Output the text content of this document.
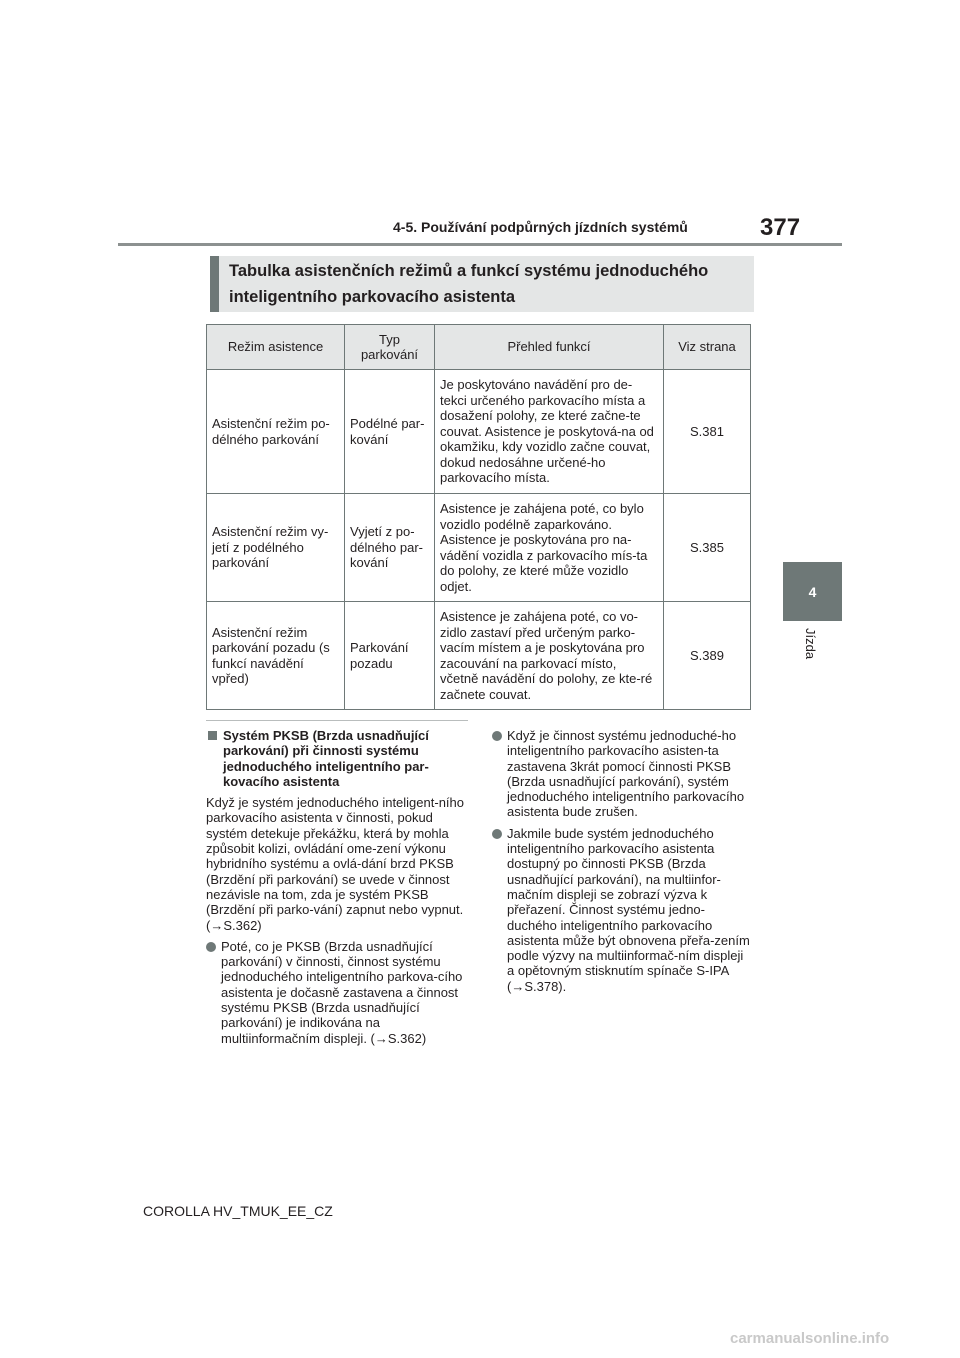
4-5. Používání podpůrných jízdních systémů	377
4
Jízda
Tabulka asistenčních režimů a funkcí systému jednoduchého inteligentního parkovacího asistenta
Režim asistence	Typ parkování	Přehled funkcí	Viz strana
Asistenční režim po-délného parkování	Podélné par-kování	Je poskytováno navádění pro de-tekci určeného parkovacího místa a dosažení polohy, ze které začne-te couvat. Asistence je poskytová-na od okamžiku, kdy vozidlo začne couvat, dokud nedosáhne určené-ho parkovacího místa.	S.381
Asistenční režim vy-jetí z podélného parkování	Vyjetí z po-délného par-kování	Asistence je zahájena poté, co bylo vozidlo podélně zaparkováno. Asistence je poskytována pro na-vádění vozidla z parkovacího mís-ta do polohy, ze které může vozidlo odjet.	S.385
Asistenční režim parkování pozadu (s funkcí navádění vpřed)	Parkování pozadu	Asistence je zahájena poté, co vo-zidlo zastaví před určeným parko-vacím místem a je poskytována pro zacouvání na parkovací místo, včetně navádění do polohy, ze kte-ré začnete couvat.	S.389
Systém PKSB (Brzda usnadňující parkování) při činnosti systému jednoduchého inteligentního par-kovacího asistenta

Když je systém jednoduchého inteligent-ního parkovacího asistenta v činnosti, pokud systém detekuje překážku, která by mohla způsobit kolizi, ovládání ome-zení výkonu hybridního systému a ovlá-dání brzd PKSB (Brzdění při parkování) se uvede v činnost nezávisle na tom, zda je systém PKSB (Brzdění při parko-vání) zapnut nebo vypnut. (→S.362)

Poté, co je PKSB (Brzda usnadňující parkování) v činnosti, činnost systému jednoduchého inteligentního parkova-cího asistenta je dočasně zastavena a činnost systému PKSB (Brzda usnadňující parkování) je indikována na multiinformačním displeji. (→S.362)
Když je činnost systému jednoduché-ho inteligentního parkovacího asisten-ta zastavena 3krát pomocí činnosti PKSB (Brzda usnadňující parkování), systém jednoduchého inteligentního parkovacího asistenta bude zrušen.
Jakmile bude systém jednoduchého inteligentního parkovacího asistenta dostupný po činnosti PKSB (Brzda usnadňující parkování), na multiinfor-mačním displeji se zobrazí výzva k přeřazení. Činnost systému jedno-duchého inteligentního parkovacího asistenta může být obnovena přeřa-zením podle výzvy na multiinformač-ním displeji a opětovným stisknutím spínače S-IPA (→S.378).
COROLLA HV_TMUK_EE_CZ
carmanualsonline.info
